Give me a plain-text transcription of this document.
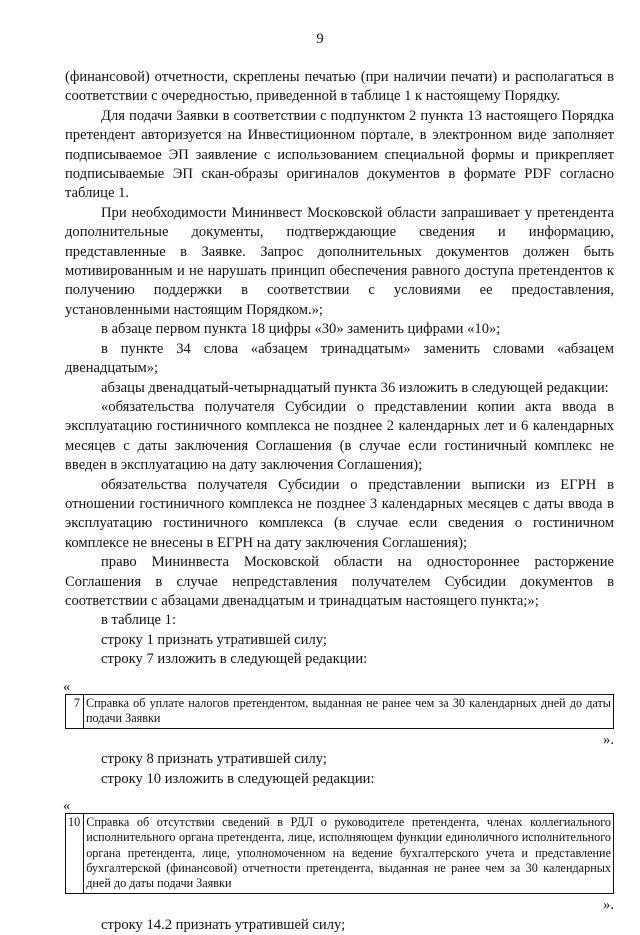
9

(финансовой) отчетности, скреплены печатью (при наличии печати) и располагаться в соответствии с очередностью, приведенной в таблице 1 к настоящему Порядку.

Для подачи Заявки в соответствии с подпунктом 2 пункта 13 настоящего Порядка претендент авторизуется на Инвестиционном портале, в электронном виде заполняет подписываемое ЭП заявление с использованием специальной формы и прикрепляет подписываемые ЭП скан-образы оригиналов документов в формате PDF согласно таблице 1.

При необходимости Мининвест Московской области запрашивает у претендента дополнительные документы, подтверждающие сведения и информацию, представленные в Заявке. Запрос дополнительных документов должен быть мотивированным и не нарушать принцип обеспечения равного доступа претендентов к получению поддержки в соответствии с условиями ее предоставления, установленными настоящим Порядком.»;

в абзаце первом пункта 18 цифры «30» заменить цифрами «10»;

в пункте 34 слова «абзацем тринадцатым» заменить словами «абзацем двенадцатым»;

абзацы двенадцатый-четырнадцатый пункта 36 изложить в следующей редакции:

«обязательства получателя Субсидии о представлении копии акта ввода в эксплуатацию гостиничного комплекса не позднее 2 календарных лет и 6 календарных месяцев с даты заключения Соглашения (в случае если гостиничный комплекс не введен в эксплуатацию на дату заключения Соглашения);

обязательства получателя Субсидии о представлении выписки из ЕГРН в отношении гостиничного комплекса не позднее 3 календарных месяцев с даты ввода в эксплуатацию гостиничного комплекса (в случае если сведения о гостиничном комплексе не внесены в ЕГРН на дату заключения Соглашения);

право Мининвеста Московской области на одностороннее расторжение Соглашения в случае непредставления получателем Субсидии документов в соответствии с абзацами двенадцатым и тринадцатым настоящего пункта;»;

в таблице 1:

строку 1 признать утратившей силу;

строку 7 изложить в следующей редакции:

«
7	Справка об уплате налогов претендентом, выданная не ранее чем за 30 календарных дней до даты подачи Заявки

».

строку 8 признать утратившей силу;

строку 10 изложить в следующей редакции:

«
10	Справка об отсутствии сведений в РДЛ о руководителе претендента, членах коллегиального исполнительного органа претендента, лице, исполняющем функции единоличного исполнительного органа претендента, лице, уполномоченном на ведение бухгалтерского учета и представление бухгалтерской (финансовой) отчетности претендента, выданная не ранее чем за 30 календарных дней до даты подачи Заявки

».

строку 14.2 признать утратившей силу;
